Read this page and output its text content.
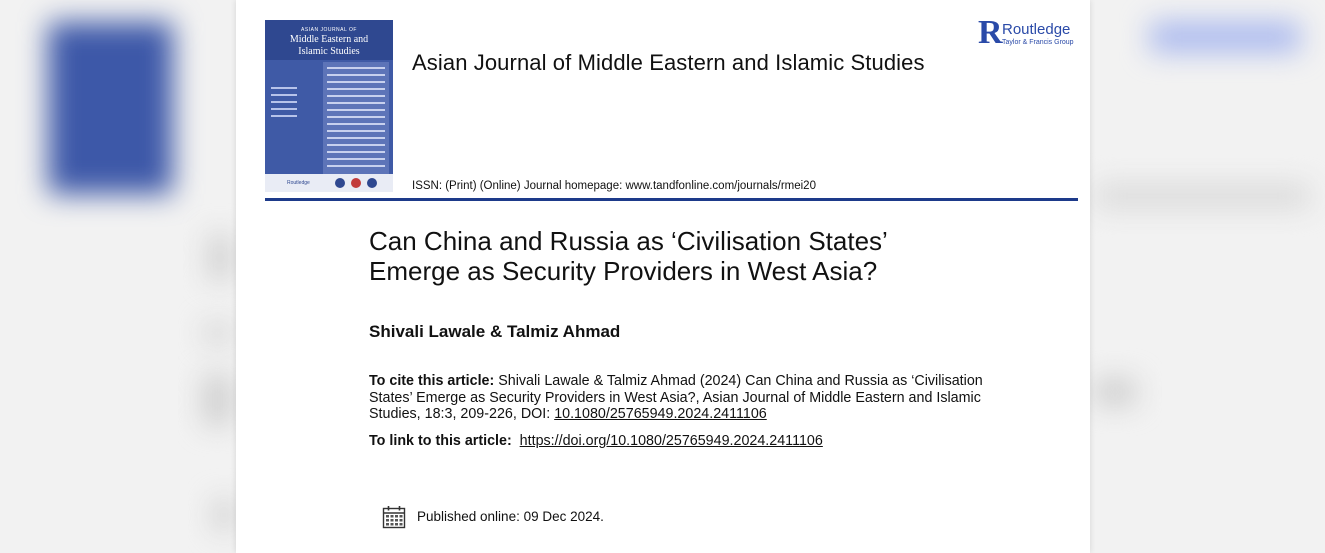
ASIAN JOURNAL OF
Middle Eastern and
Islamic Studies
Routledge
Asian Journal of Middle Eastern and Islamic Studies
ISSN: (Print) (Online) Journal homepage: www.tandfonline.com/journals/rmei20
R Routledge
Taylor & Francis Group
Can China and Russia as ‘Civilisation States’
Emerge as Security Providers in West Asia?
Shivali Lawale & Talmiz Ahmad
To cite this article: Shivali Lawale & Talmiz Ahmad (2024) Can China and Russia as ‘Civilisation States’ Emerge as Security Providers in West Asia?, Asian Journal of Middle Eastern and Islamic Studies, 18:3, 209-226, DOI: 10.1080/25765949.2024.2411106
To link to this article: https://doi.org/10.1080/25765949.2024.2411106
Published online: 09 Dec 2024.
